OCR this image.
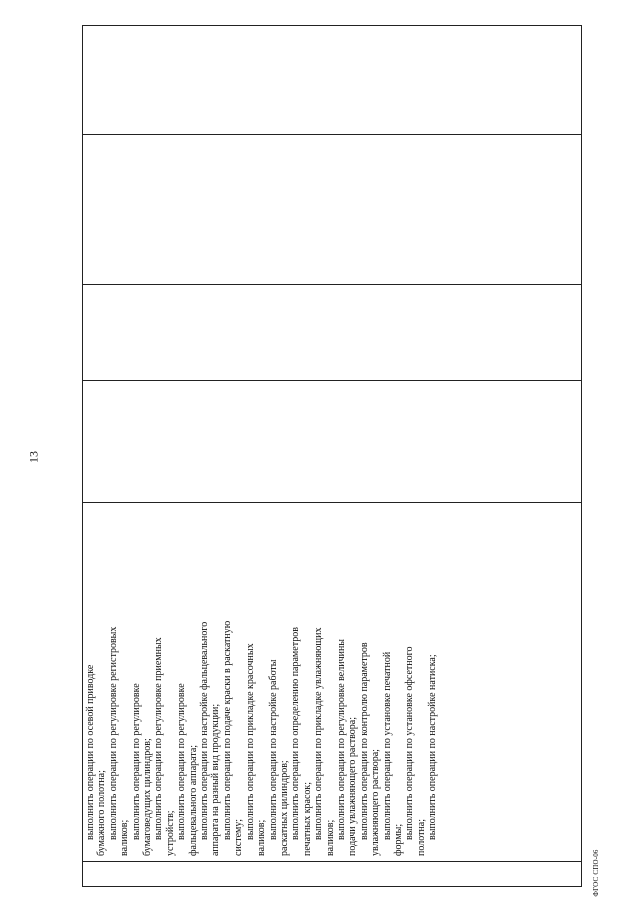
13

выполнить операции по осевой приводке бумажного полотна; выполнить операции по регулировке регистровых валиков; выполнить операции по регулировке бумаговедущих цилиндров; выполнить операции по регулировке приемных устройств; выполнить операции по регулировке фальцевального аппарата; выполнить операции по настройке фальцевального аппарата на разный вид продукции; выполнить операции по подаче краски в раскатную систему; выполнить операции по прикладке красочных валиков; выполнить операции по настройке работы раскатных цилиндров; выполнить операции по определению параметров печатных красок; выполнить операции по прикладке увлажняющих валиков; выполнить операции по регулировке величины подачи увлажняющего раствора; выполнить операции по контролю параметров увлажняющего раствора; выполнить операции по установке печатной формы; выполнить операции по установке офсетного полотна; выполнить операции по настройке натиска;

ФГОС СПО-06
